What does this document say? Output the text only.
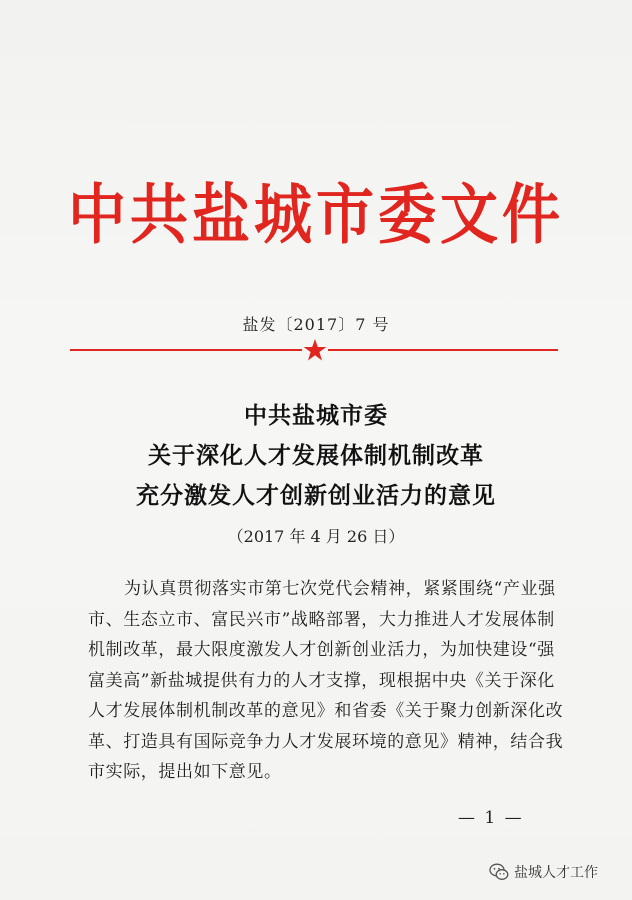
中共盐城市委文件
盐发〔2017〕7 号
中共盐城市委
关于深化人才发展体制机制改革
充分激发人才创新创业活力的意见
（2017 年 4 月 26 日）
为认真贯彻落实市第七次党代会精神，紧紧围绕“产业强
市、生态立市、富民兴市”战略部署，大力推进人才发展体制
机制改革，最大限度激发人才创新创业活力，为加快建设“强
富美高”新盐城提供有力的人才支撑，现根据中央《关于深化
人才发展体制机制改革的意见》和省委《关于聚力创新深化改
革、打造具有国际竞争力人才发展环境的意见》精神，结合我
市实际，提出如下意见。
— 1 —
盐城人才工作
